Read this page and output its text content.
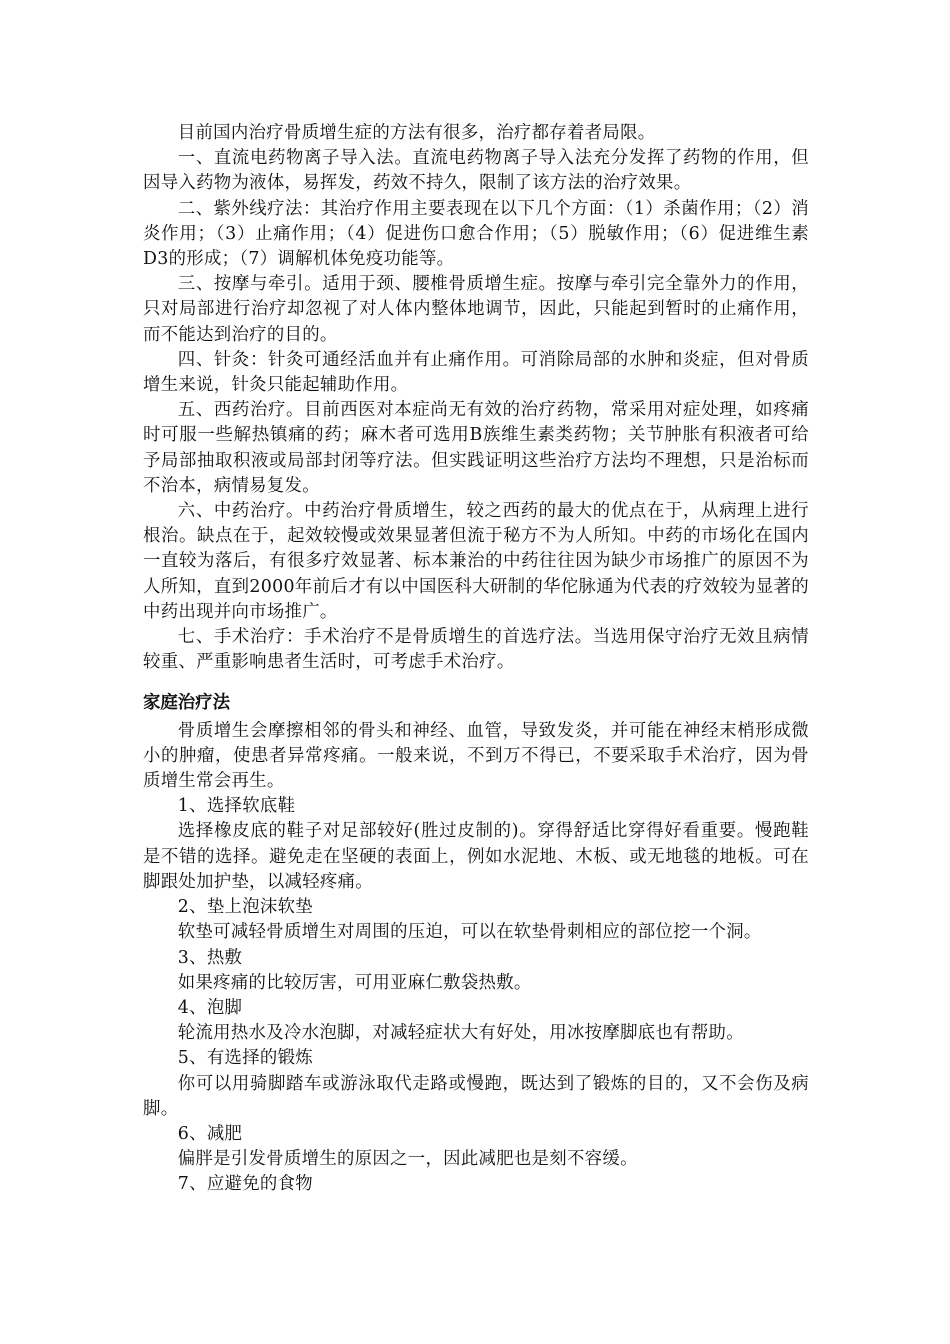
目前国内治疗骨质增生症的方法有很多，治疗都存着者局限。

一、直流电药物离子导入法。直流电药物离子导入法充分发挥了药物的作用，但因导入药物为液体，易挥发，药效不持久，限制了该方法的治疗效果。

二、紫外线疗法：其治疗作用主要表现在以下几个方面：（1）杀菌作用；（2）消炎作用；（3）止痛作用；（4）促进伤口愈合作用；（5）脱敏作用；（6）促进维生素D3的形成；（7）调解机体免疫功能等。

三、按摩与牵引。适用于颈、腰椎骨质增生症。按摩与牵引完全靠外力的作用，只对局部进行治疗却忽视了对人体内整体地调节，因此，只能起到暂时的止痛作用，而不能达到治疗的目的。

四、针灸：针灸可通经活血并有止痛作用。可消除局部的水肿和炎症，但对骨质增生来说，针灸只能起辅助作用。

五、西药治疗。目前西医对本症尚无有效的治疗药物，常采用对症处理，如疼痛时可服一些解热镇痛的药；麻木者可选用B族维生素类药物；关节肿胀有积液者可给予局部抽取积液或局部封闭等疗法。但实践证明这些治疗方法均不理想，只是治标而不治本，病情易复发。

六、中药治疗。中药治疗骨质增生，较之西药的最大的优点在于，从病理上进行根治。缺点在于，起效较慢或效果显著但流于秘方不为人所知。中药的市场化在国内一直较为落后，有很多疗效显著、标本兼治的中药往往因为缺少市场推广的原因不为人所知，直到2000年前后才有以中国医科大研制的华佗脉通为代表的疗效较为显著的中药出现并向市场推广。

七、手术治疗：手术治疗不是骨质增生的首选疗法。当选用保守治疗无效且病情较重、严重影响患者生活时，可考虑手术治疗。

家庭治疗法

骨质增生会摩擦相邻的骨头和神经、血管，导致发炎，并可能在神经末梢形成微小的肿瘤，使患者异常疼痛。一般来说，不到万不得已，不要采取手术治疗，因为骨质增生常会再生。

1、选择软底鞋

选择橡皮底的鞋子对足部较好(胜过皮制的)。穿得舒适比穿得好看重要。慢跑鞋是不错的选择。避免走在坚硬的表面上，例如水泥地、木板、或无地毯的地板。可在脚跟处加护垫，以减轻疼痛。

2、垫上泡沫软垫

软垫可减轻骨质增生对周围的压迫，可以在软垫骨刺相应的部位挖一个洞。

3、热敷

如果疼痛的比较厉害，可用亚麻仁敷袋热敷。

4、泡脚

轮流用热水及冷水泡脚，对减轻症状大有好处，用冰按摩脚底也有帮助。

5、有选择的锻炼

你可以用骑脚踏车或游泳取代走路或慢跑，既达到了锻炼的目的，又不会伤及病脚。

6、减肥

偏胖是引发骨质增生的原因之一，因此减肥也是刻不容缓。

7、应避免的食物
